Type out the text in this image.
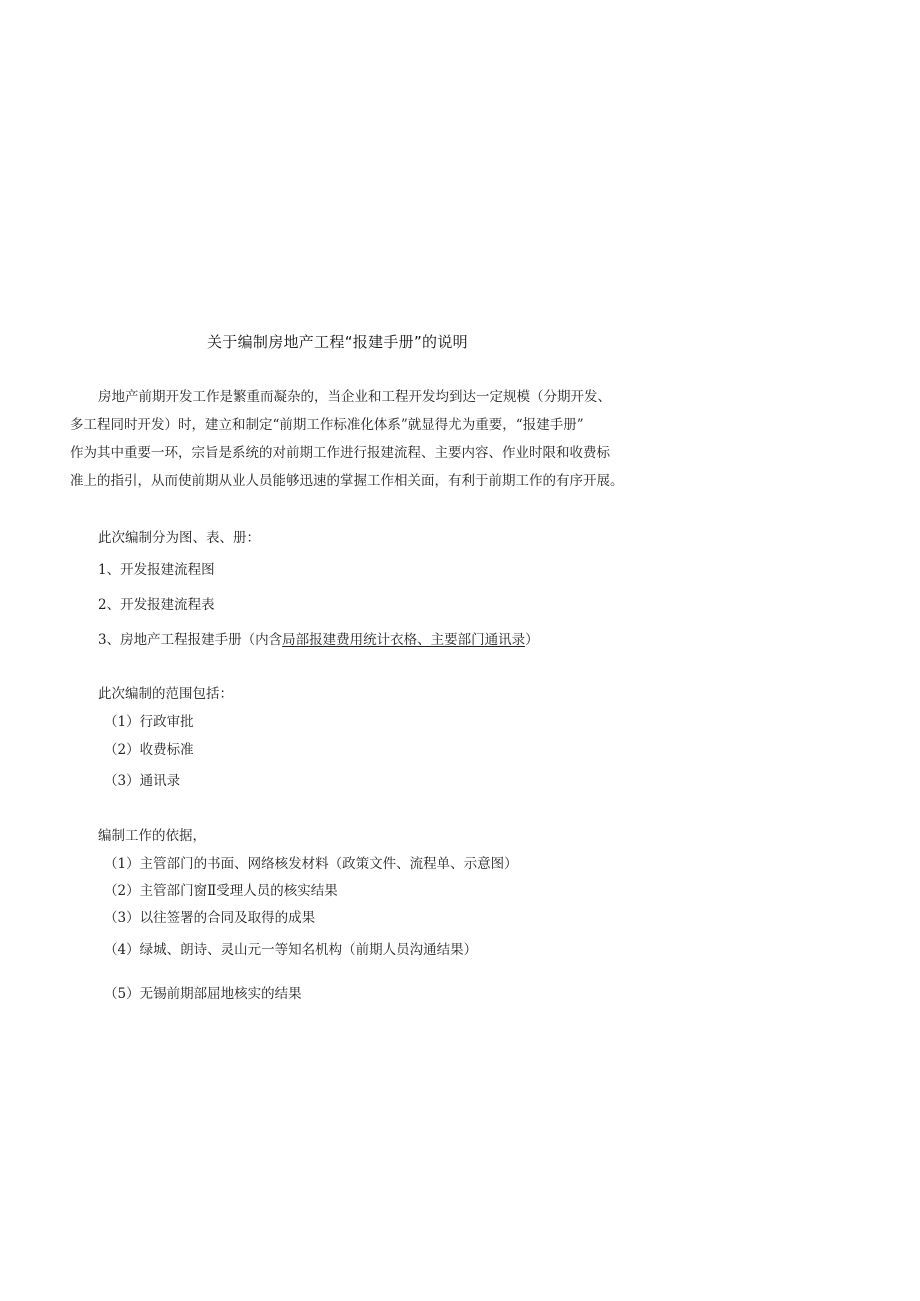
关于编制房地产工程“报建手册”的说明
房地产前期开发工作是繁重而凝杂的，当企业和工程开发均到达一定规模（分期开发、
多工程同时开发）时，建立和制定“前期工作标准化体系”就显得尤为重要，“报建手册”
作为其中重要一环，宗旨是系统的对前期工作进行报建流程、主要内容、作业时限和收费标
准上的指引，从而使前期从业人员能够迅速的掌握工作相关面，有利于前期工作的有序开展。
此次编制分为图、表、册：
1、开发报建流程图
2、开发报建流程表
3、房地产工程报建手册（内含局部报建费用统计衣格、主要部门通讯录）
此次编制的范围包括：
（1）行政审批
（2）收费标准
（3）通讯录
编制工作的依据，
（1）主管部门的书面、网络核发材料（政策文件、流程单、示意图）
（2）主管部门窗Ⅱ受理人员的核实结果
（3）以往签署的合同及取得的成果
（4）绿城、朗诗、灵山元一等知名机构（前期人员沟通结果）
（5）无锡前期部屈地核实的结果
